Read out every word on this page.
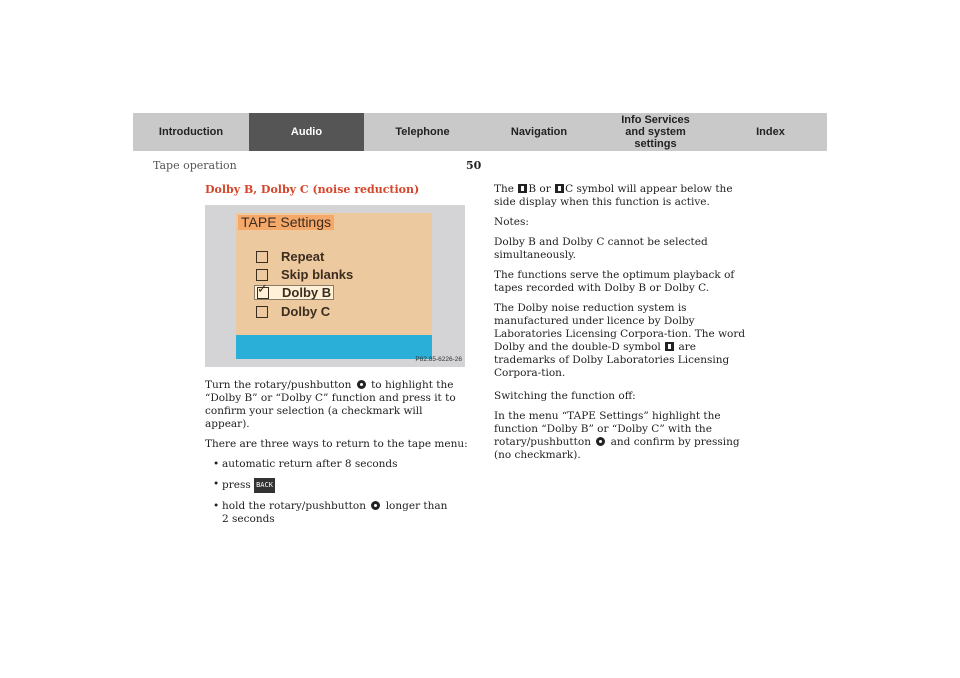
Introduction	Audio	Telephone	Navigation
Info Services and system settings
Index
Tape operation	50
Dolby B, Dolby C (noise reduction)
TAPE Settings
Repeat
Skip blanks
✓
Dolby B
Dolby C
P82.85-6226-26

Turn the rotary/pushbutton to highlight the “Dolby B” or “Dolby C” function and press it to confirm your selection (a checkmark will appear).

There are three ways to return to the tape menu:

• automatic return after 8 seconds
• press BACK
• hold the rotary/pushbutton longer than
2 seconds

The B or C symbol will appear below the side display when this function is active.

Notes:

Dolby B and Dolby C cannot be selected simultaneously.

The functions serve the optimum playback of tapes recorded with Dolby B or Dolby C.

The Dolby noise reduction system is manufactured under licence by Dolby Laboratories Licensing Corpora-tion. The word Dolby and the double-D symbol are trademarks of Dolby Laboratories Licensing Corpora-tion.

Switching the function off:

In the menu “TAPE Settings” highlight the function “Dolby B” or “Dolby C” with the rotary/pushbutton and confirm by pressing (no checkmark).
